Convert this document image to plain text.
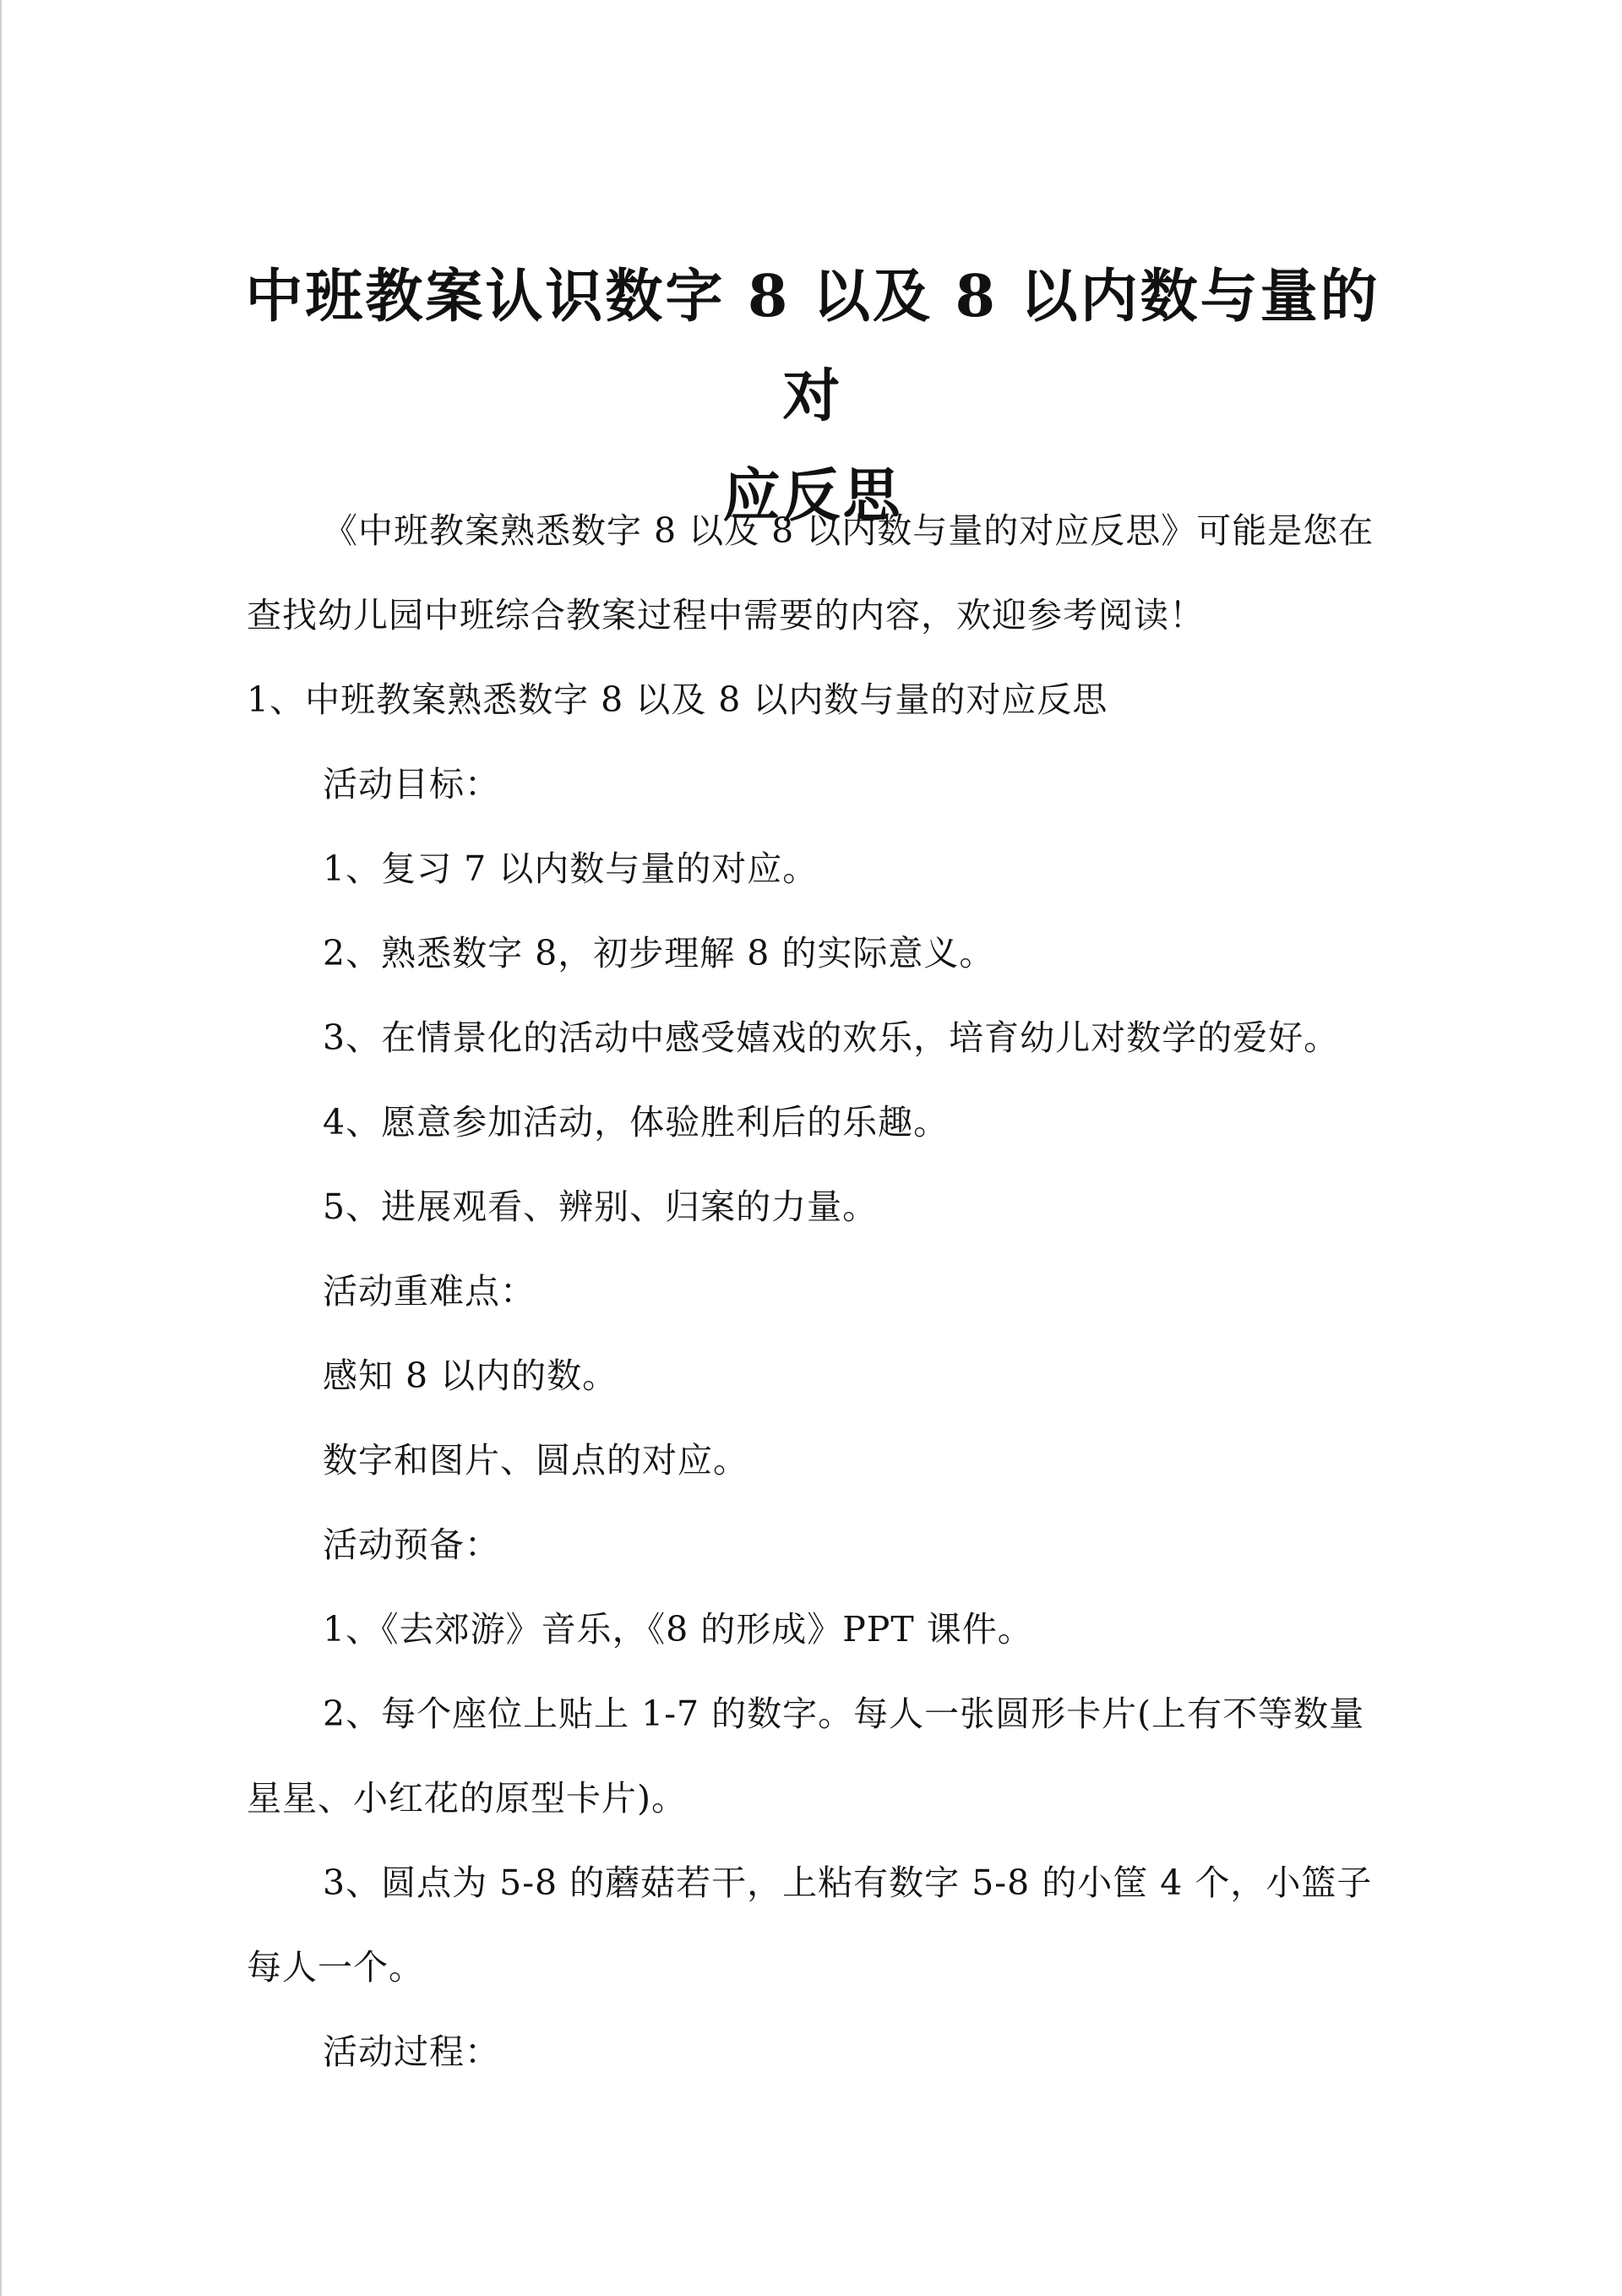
中班教案认识数字 8 以及 8 以内数与量的对
应反思

《中班教案熟悉数字 8 以及 8 以内数与量的对应反思》可能是您在查找幼儿园中班综合教案过程中需要的内容，欢迎参考阅读！

1、中班教案熟悉数字 8 以及 8 以内数与量的对应反思

活动目标：

1、复习 7 以内数与量的对应。

2、熟悉数字 8，初步理解 8 的实际意义。

3、在情景化的活动中感受嬉戏的欢乐，培育幼儿对数学的爱好。

4、愿意参加活动，体验胜利后的乐趣。

5、进展观看、辨别、归案的力量。

活动重难点：

感知 8 以内的数。

数字和图片、圆点的对应。

活动预备：

1、《去郊游》音乐，《8 的形成》PPT 课件。

2、每个座位上贴上 1-7 的数字。每人一张圆形卡片(上有不等数量星星、小红花的原型卡片)。

3、圆点为 5-8 的蘑菇若干，上粘有数字 5-8 的小筐 4 个，小篮子每人一个。

活动过程：
